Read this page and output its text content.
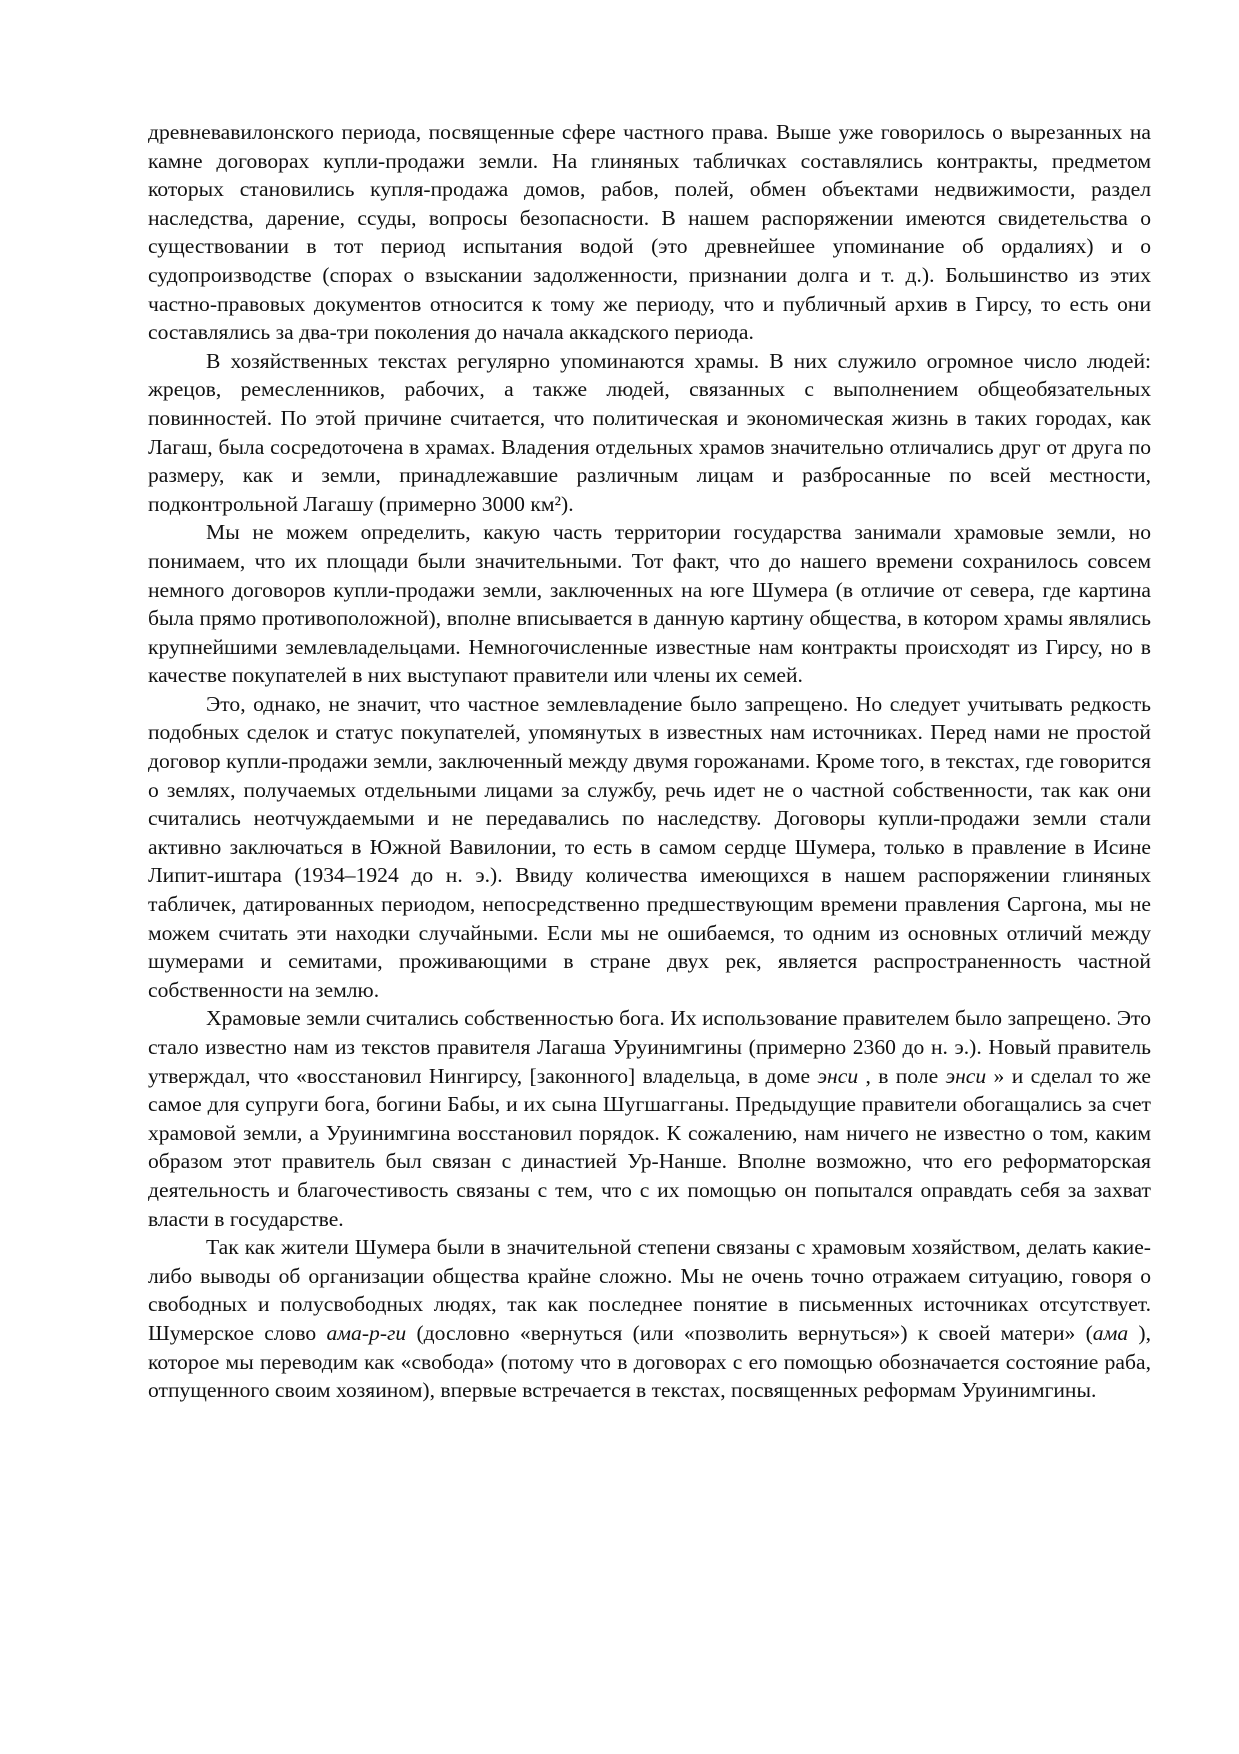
древневавилонского периода, посвященные сфере частного права. Выше уже говорилось о вырезанных на камне договорах купли-продажи земли. На глиняных табличках составлялись контракты, предметом которых становились купля-продажа домов, рабов, полей, обмен объектами недвижимости, раздел наследства, дарение, ссуды, вопросы безопасности. В нашем распоряжении имеются свидетельства о существовании в тот период испытания водой (это древнейшее упоминание об ордалиях) и о судопроизводстве (спорах о взыскании задолженности, признании долга и т. д.). Большинство из этих частно-правовых документов относится к тому же периоду, что и публичный архив в Гирсу, то есть они составлялись за два-три поколения до начала аккадского периода.

В хозяйственных текстах регулярно упоминаются храмы. В них служило огромное число людей: жрецов, ремесленников, рабочих, а также людей, связанных с выполнением общеобязательных повинностей. По этой причине считается, что политическая и экономическая жизнь в таких городах, как Лагаш, была сосредоточена в храмах. Владения отдельных храмов значительно отличались друг от друга по размеру, как и земли, принадлежавшие различным лицам и разбросанные по всей местности, подконтрольной Лагашу (примерно 3000 км²).

Мы не можем определить, какую часть территории государства занимали храмовые земли, но понимаем, что их площади были значительными. Тот факт, что до нашего времени сохранилось совсем немного договоров купли-продажи земли, заключенных на юге Шумера (в отличие от севера, где картина была прямо противоположной), вполне вписывается в данную картину общества, в котором храмы являлись крупнейшими землевладельцами. Немногочисленные известные нам контракты происходят из Гирсу, но в качестве покупателей в них выступают правители или члены их семей.

Это, однако, не значит, что частное землевладение было запрещено. Но следует учитывать редкость подобных сделок и статус покупателей, упомянутых в известных нам источниках. Перед нами не простой договор купли-продажи земли, заключенный между двумя горожанами. Кроме того, в текстах, где говорится о землях, получаемых отдельными лицами за службу, речь идет не о частной собственности, так как они считались неотчуждаемыми и не передавались по наследству. Договоры купли-продажи земли стали активно заключаться в Южной Вавилонии, то есть в самом сердце Шумера, только в правление в Исине Липит-иштара (1934–1924 до н. э.). Ввиду количества имеющихся в нашем распоряжении глиняных табличек, датированных периодом, непосредственно предшествующим времени правления Саргона, мы не можем считать эти находки случайными. Если мы не ошибаемся, то одним из основных отличий между шумерами и семитами, проживающими в стране двух рек, является распространенность частной собственности на землю.

Храмовые земли считались собственностью бога. Их использование правителем было запрещено. Это стало известно нам из текстов правителя Лагаша Уруинимгины (примерно 2360 до н. э.). Новый правитель утверждал, что «восстановил Нингирсу, [законного] владельца, в доме энси , в поле энси » и сделал то же самое для супруги бога, богини Бабы, и их сына Шугшагганы. Предыдущие правители обогащались за счет храмовой земли, а Уруинимгина восстановил порядок. К сожалению, нам ничего не известно о том, каким образом этот правитель был связан с династией Ур-Нанше. Вполне возможно, что его реформаторская деятельность и благочестивость связаны с тем, что с их помощью он попытался оправдать себя за захват власти в государстве.

Так как жители Шумера были в значительной степени связаны с храмовым хозяйством, делать какие-либо выводы об организации общества крайне сложно. Мы не очень точно отражаем ситуацию, говоря о свободных и полусвободных людях, так как последнее понятие в письменных источниках отсутствует. Шумерское слово ама-р-ги (дословно «вернуться (или «позволить вернуться») к своей матери» (ама ), которое мы переводим как «свобода» (потому что в договорах с его помощью обозначается состояние раба, отпущенного своим хозяином), впервые встречается в текстах, посвященных реформам Уруинимгины.
